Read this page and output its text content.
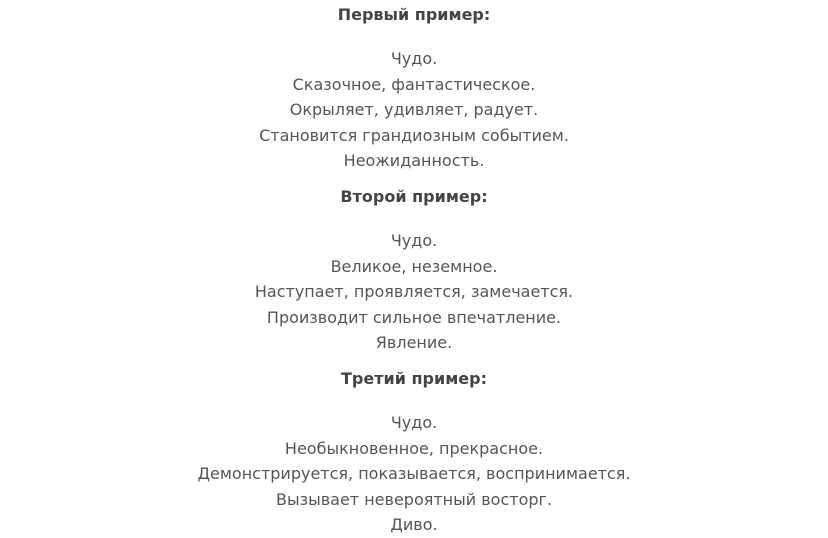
Первый пример:

Чудо.
Сказочное, фантастическое.
Окрыляет, удивляет, радует.
Становится грандиозным событием.
Неожиданность.

Второй пример:

Чудо.
Великое, неземное.
Наступает, проявляется, замечается.
Производит сильное впечатление.
Явление.

Третий пример:

Чудо.
Необыкновенное, прекрасное.
Демонстрируется, показывается, воспринимается.
Вызывает невероятный восторг.
Диво.
